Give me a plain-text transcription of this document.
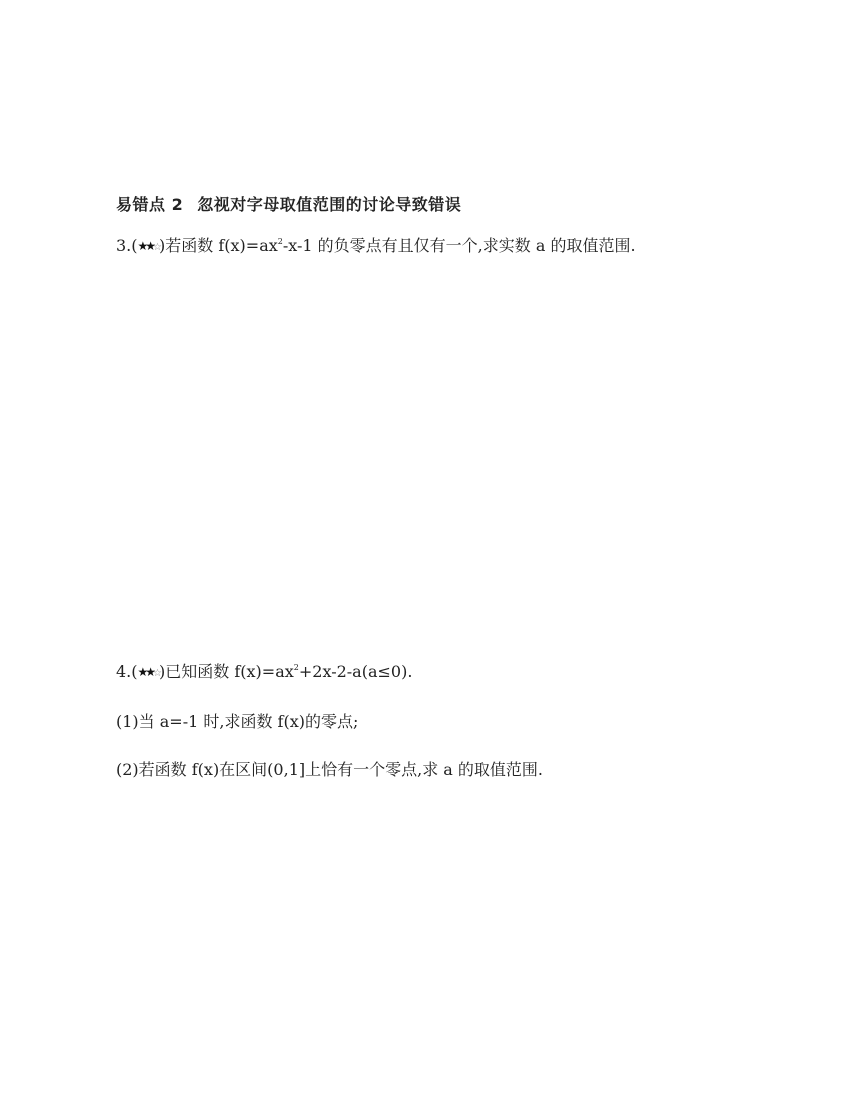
易错点 2 忽视对字母取值范围的讨论导致错误
3.(★★☆)若函数 $f(x)=ax^2-x-1$ 的负零点有且仅有一个,求实数 a 的取值范围.
4.(★★☆)已知函数 $f(x)=ax^2+2x-2-a(a\le 0)$.
(1)当 a=-1 时,求函数 f(x)的零点;
(2)若函数 f(x)在区间(0,1]上恰有一个零点,求 a 的取值范围.
